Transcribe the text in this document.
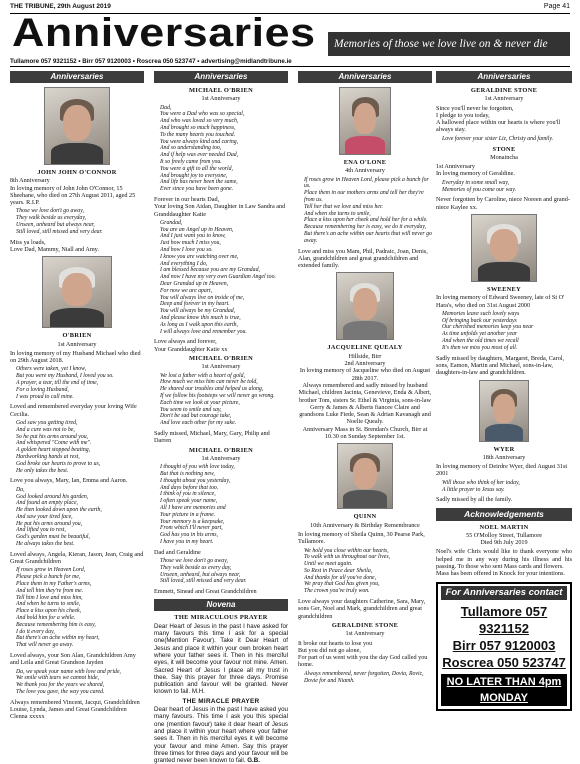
THE TRIBUNE, 29th August 2019	Page 41
Anniversaries	Memories of those we love live on & never die
Tullamore 057 9321152 • Birr 057 9120003 • Roscrea 050 523747 • advertising@midlandtribune.ie
Anniversaries
JOHN JOHN O'CONNOR
8th Anniversary
In loving memory of John John O'Connor, 15 Sheehane, who died on 27th August 2011, aged 25 years. R.I.P.
Those we love don't go away,
They walk beside us everyday,
Unseen, unheard but always near,
Still loved, still missed and very dear.
Miss ya loads,
Love Dad, Mammy, Niall and Amy.
O'BRIEN
1st Anniversary
In loving memory of my Husband Michael who died on 29th August 2018.
Others were taken, yet I know,
But you were my Husband, I loved you so.
A prayer, a tear, till the end of time,
For a loving Husband,
I was proud to call mine.
Loved and remembered everyday your loving Wife Cecilia.
God saw you getting tired,
And a cure was not to be,
So he put his arms around you,
And whispered "Come with me".
A golden heart stopped beating,
Hardworking hands at rest,
God broke our hearts to prove to us,
He only takes the best.
Love you always, Mary, Ian, Emma and Aaron.
Da,
God looked around his garden,
And found an empty place,
He then looked down upon the earth,
And saw your tired face,
He put his arms around you,
And lifted you to rest,
God's garden must be beautiful,
He always takes the best.
Loved always, Angela, Kieran, Jason, Jean, Craig and Great Grandchildren
If roses grow in Heaven Lord,
Please pick a bunch for me,
Place them in my Father's arms,
And tell him they're from me.
Tell him I love and miss him,
And when he turns to smile,
Place a kiss upon his cheek,
And hold him for a while.
Because remembering him is easy,
I do it every day,
But there's an ache within my heart,
That will never go away.
Loved always, your Son Alan, Grandchildren Amy and Leila and Great Grandson Jayden
Da, we speak your name with love and pride,
We smile with tears we cannot hide,
We thank you for the years we shared,
The love you gave, the way you cared.
Always remembered Vincent, Jacqui, Grandchildren Louise, Lynda, James and Great Grandchildren Clenna xxxxx
Anniversaries
MICHAEL O'BRIEN
1st Anniversary
Dad,
You were a Dad who was so special,
And who was loved so very much,
And brought so much happiness,
To the many hearts you touched.
You were always kind and caring,
And so understanding too,
And if help was ever needed Dad,
It so freely came from you.
You were a gift to all the world,
And brought joy to everyone,
And life has never been the same,
Ever since you have been gone.
Forever in our hearts Dad,
Your loving Son Aidan, Daughter in Law Sandra and Granddaughter Katie
Grandad,
You are an Angel up in Heaven,
And I just want you to know,
Just how much I miss you,
And how I love you so.
I know you are watching over me,
And everything I do,
I am blessed because you are my Grandad,
And now I have my very own Guardian Angel too.
Dear Grandad up in Heaven,
For now we are apart,
You will always live on inside of me,
Deep and forever in my heart.
You will always be my Grandad,
And please know this much is true,
As long as I walk upon this earth,
I will always love and remember you.
Love always and forever,
Your Granddaughter Katie xx
MICHAEL O'BRIEN
1st Anniversary
We lost a father with a heart of gold,
How much we miss him can never be told,
He shared our troubles and helped us along,
If we follow his footsteps we will never go wrong.
Each time we look at your picture,
You seem to smile and say,
Don't be sad but courage take,
And love each other for my sake.
Sadly missed, Michael, Mary, Gary, Philip and Darren
MICHAEL O'BRIEN
1st Anniversary
I thought of you with love today,
But that is nothing new,
I thought about you yesterday,
And days before that too.
I think of you in silence,
I often speak your name,
All I have are memories and
Your picture in a frame.
Your memory is a keepsake,
From which I'll never part,
God has you in his arms,
I have you in my heart.
Dad and Geraldine
Those we love don't go away,
They walk beside us every day,
Unseen, unheard, but always near,
Still loved, still missed and very dear.
Emmett, Sinead and Great Grandchildren
Novena
THE MIRACULOUS PRAYER
Dear Heart of Jesus in the past I have asked for many favours this time I ask for a special one(Mention Favour). Take it Dear Heart of Jesus and place it within your own broken heart where your father sees it. Then in his merciful eyes, it will become your favour not mine. Amen. Sacred Heart of Jesus I place all my trust in thee. Say this prayer for three days. Promise publication and favour will be granted. Never known to fail. M.H.
THE MIRACLE PRAYER
Dear heart of Jesus in the past I have asked you many favours. This time I ask you this special one (mention favour) take it dear heart of Jesus and place it within your heart where your father sees it. Then in his merciful eyes it will become your favour and mine Amen. Say this prayer three times for three days and your favour will be granted never been known to fail. G.B.
Anniversaries
ENA O'LONE
4th Anniversary
If roses grow in Heaven Lord, please pick a bunch for us.
Place them in our mothers arms and tell her they're from us.
Tell her that we love and miss her.
And when she turns to smile,
Place a kiss upon her cheek and hold her for a while.
Because remembering her is easy, we do it everyday,
But there's an ache within our hearts that will never go away.
Love and miss you Mam, Phil, Padraic, Joan, Denis, Alan, grandchildren and great grandchildren and extended family.
JACQUELINE QUEALY
Hillside, Birr
2nd Anniversary
In loving memory of Jacqueline who died on August 28th 2017.
Always remembered and sadly missed by husband Michael, children Jacinta, Genevieve, Enda & Albert, brother Tom, sisters Sr. Ethel & Virginia, sons-in-law Gerry & James & Alberts fiancee Claire and grandsons Luke Fiede, Sean & Adrian Kavanagh and Noelie Quealy.
Anniversary Mass in St. Brendan's Church, Birr at 10.30 on Sunday September 1st.
QUINN
10th Anniversary & Birthday Remembrance
In loving memory of Sheila Quinn, 30 Pearse Park, Tullamore.
We hold you close within our hearts,
To walk with us throughout our lives,
Until we meet again.
So Rest in Peace dear Sheila,
And thanks for all you've done,
We pray that God has given you,
The crown you've truly won.
Love always your daughters Catherine, Sara, Mary, sons Ger, Noel and Mark, grandchildren and great grandchildren
GERALDINE STONE
1st Anniversary
It broke our hearts to lose you
But you did not go alone,
For part of us went with you the day God called you home.
Always remembered, never forgotten, Dovia, Rovic, Dovie for and Niamh.
Anniversaries
GERALDINE STONE
1st Anniversary
Since you'll never be forgotten,
I pledge to you today,
A hallowed place within our hearts is where you'll always stay.
Love forever your sister Liz, Christy and family.
STONE
Monaincha
1st Anniversary
In loving memory of Geraldine.
Everyday in some small way,
Memories of you come our way.
Never forgotten by Caroline, niece Noreen and grand-niece Kaylee xx.
SWEENEY
In loving memory of Edward Sweeney, late of St O' Hara's, who died on 31st August 2000
Memories leave such lovely ways
Of bringing back our yesterdays
Our cherished memories keep you near
As time unfolds yet another year
And when the old times we recall
It's then we miss you most of all.
Sadly missed by daughters, Margaret, Breda, Carol, sons, Eamon, Martin and Michael, sons-in-law, daughters-in-law and grandchildren.
WYER
18th Anniversary
In loving memory of Deirdre Wyer, died August 31st 2001
Will those who think of her today,
A little prayer to Jesus say.
Sadly missed by all the family.
Acknowledgements
NOEL MARTIN
55 O'Molloy Street, Tullamore
Died 9th July 2019
Noel's wife Chris would like to thank everyone who helped me in any way during his illness and his passing. To those who sent Mass cards and flowers.
Mass has been offered in Knock for your intentions.
For Anniversaries contact
Tullamore 057 9321152
Birr 057 9120003
Roscrea 050 523747
NO LATER THAN 4pm MONDAY
